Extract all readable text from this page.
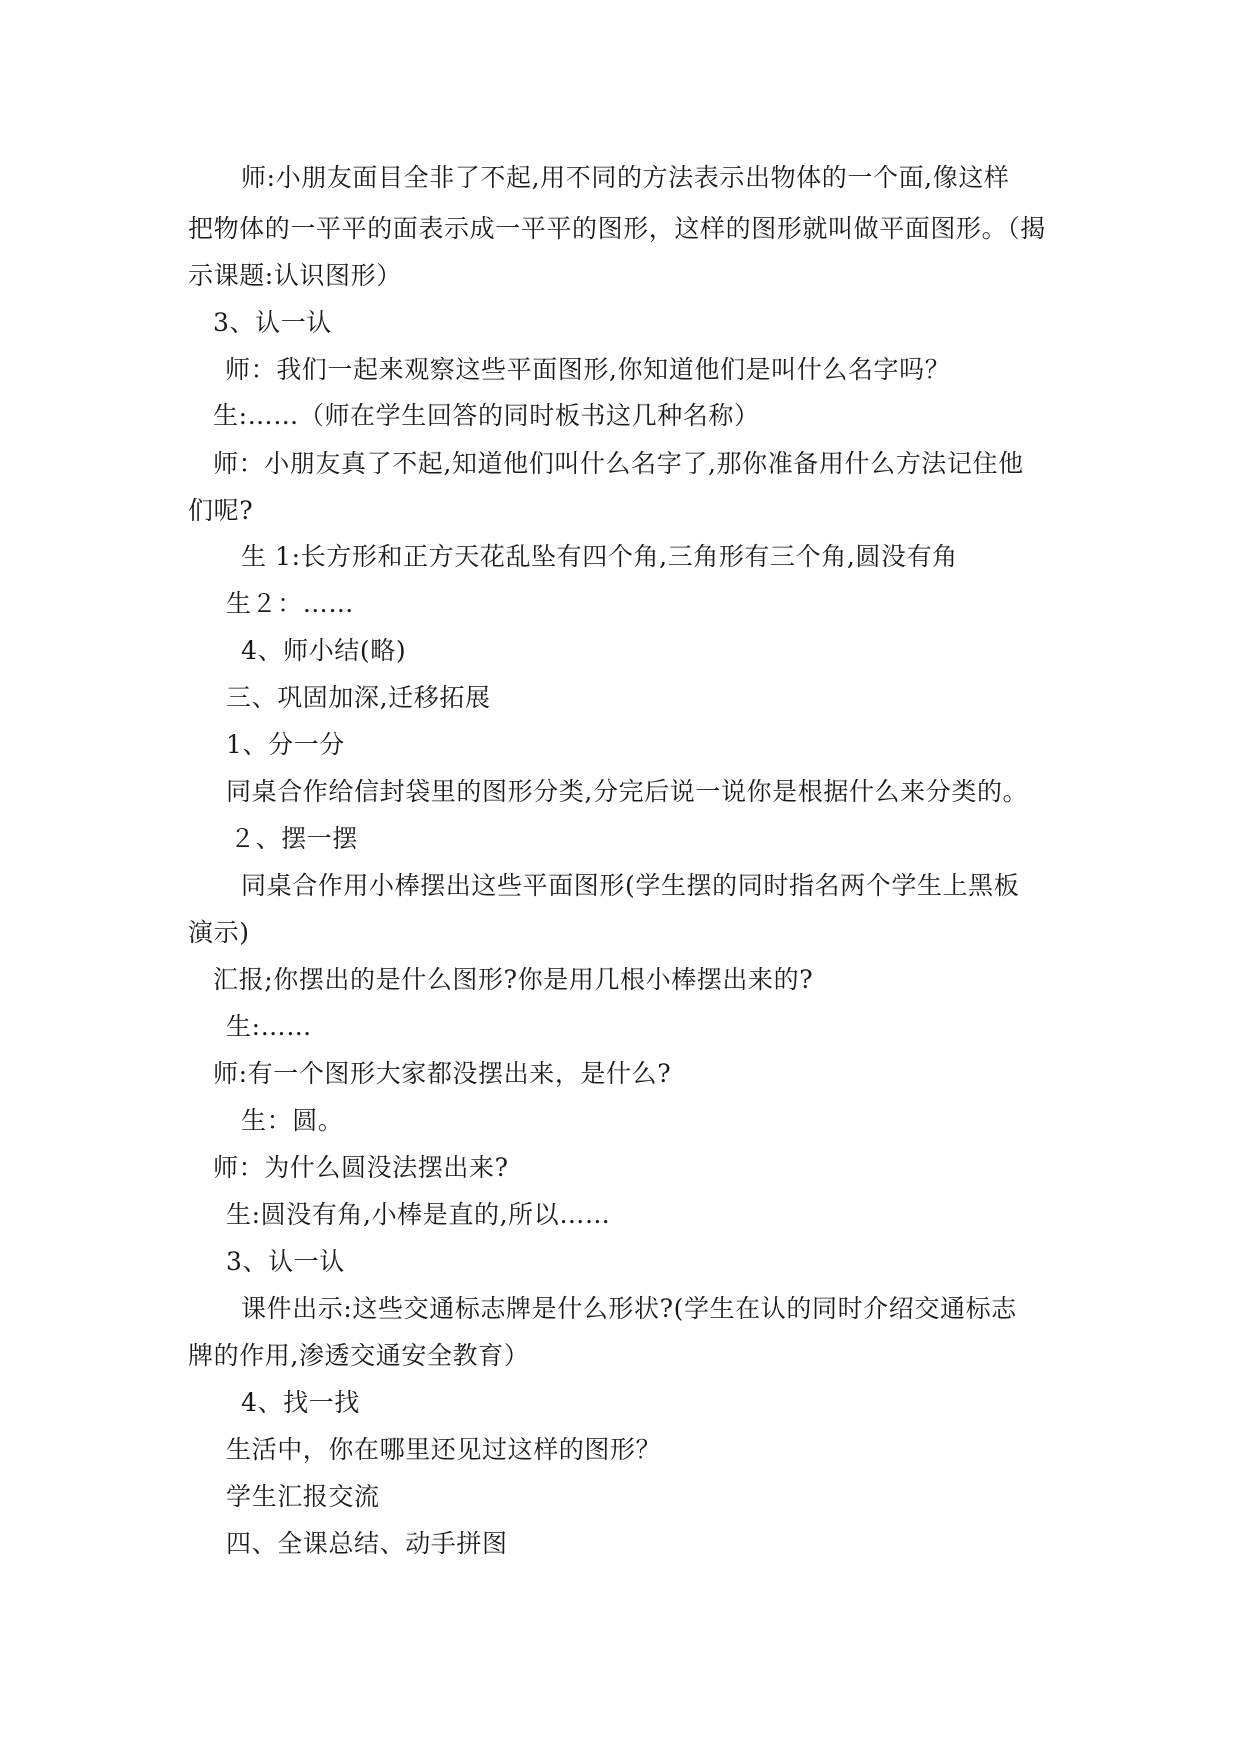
师:小朋友面目全非了不起,用不同的方法表示出物体的一个面,像这样
把物体的一平平的面表示成一平平的图形，这样的图形就叫做平面图形。（揭
示课题:认识图形）
3、认一认
师：我们一起来观察这些平面图形,你知道他们是叫什么名字吗？
生:……（师在学生回答的同时板书这几种名称）
师：小朋友真了不起,知道他们叫什么名字了,那你准备用什么方法记住他
们呢?
生 1:长方形和正方天花乱坠有四个角,三角形有三个角,圆没有角
生２：……
4、师小结(略)
三、巩固加深,迁移拓展
1、分一分
同桌合作给信封袋里的图形分类,分完后说一说你是根据什么来分类的。
２、摆一摆
同桌合作用小棒摆出这些平面图形(学生摆的同时指名两个学生上黑板
演示)
汇报;你摆出的是什么图形?你是用几根小棒摆出来的?
生:……
师:有一个图形大家都没摆出来，是什么?
生：圆。
师：为什么圆没法摆出来?
生:圆没有角,小棒是直的,所以……
3、认一认
课件出示:这些交通标志牌是什么形状?(学生在认的同时介绍交通标志
牌的作用,渗透交通安全教育）
4、找一找
生活中，你在哪里还见过这样的图形？
学生汇报交流
四、全课总结、动手拼图
